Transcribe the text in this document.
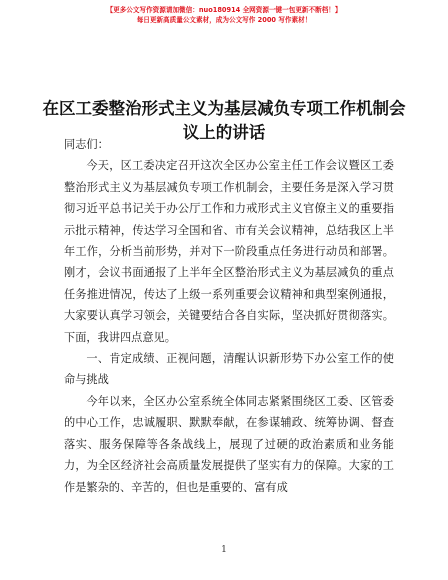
【更多公文写作资源请加微信：nuo180914 全网资源一键一包更新不断档！】
每日更新高质量公文素材，成为公文写作 2000 写作素材！
在区工委整治形式主义为基层减负专项工作机制会议上的讲话

同志们：

今天，区工委决定召开这次全区办公室主任工作会议暨区工委整治形式主义为基层减负专项工作机制会，主要任务是深入学习贯彻习近平总书记关于办公厅工作和力戒形式主义官僚主义的重要指示批示精神，传达学习全国和省、市有关会议精神，总结我区上半年工作，分析当前形势，并对下一阶段重点任务进行动员和部署。刚才，会议书面通报了上半年全区整治形式主义为基层减负的重点任务推进情况，传达了上级一系列重要会议精神和典型案例通报，大家要认真学习领会，关键要结合各自实际，坚决抓好贯彻落实。下面，我讲四点意见。

一、肯定成绩、正视问题，清醒认识新形势下办公室工作的使命与挑战

今年以来，全区办公室系统全体同志紧紧围绕区工委、区管委的中心工作，忠诚履职、默默奉献，在参谋辅政、统筹协调、督查落实、服务保障等各条战线上，展现了过硬的政治素质和业务能力，为全区经济社会高质量发展提供了坚实有力的保障。大家的工作是繁杂的、辛苦的，但也是重要的、富有成

1
